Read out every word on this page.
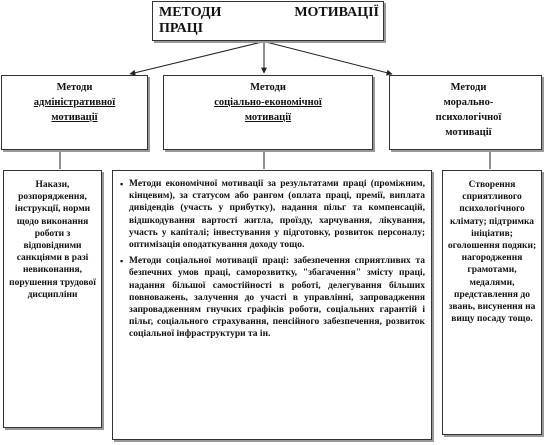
МЕТОДИ	МОТИВАЦІЇ
ПРАЦІ
Методи
адміністративної
мотивації
Методи
соціально-економічної
мотивації
Методи
морально-
психологічної
мотивації
Накази, розпорядження, інструкції, норми щодо виконання роботи з відповідними санкціями в разі невиконання, порушення трудової дисципліни
▪ Методи економічної мотивації за результатами праці (проміжним, кінцевим), за статусом або рангом (оплата праці, премії, виплата дивідендів (участь у прибутку), надання пільг та компенсацій, відшкодування вартості житла, проїзду, харчування, лікування, участь у капіталі; інвестування у підготовку, розвиток персоналу; оптимізація оподаткування доходу тощо.
▪ Методи соціальної мотивації праці: забезпечення сприятливих та безпечних умов праці, саморозвитку, "збагачення" змісту праці, надання більшої самостійності в роботі, делегування більших повноважень, залучення до участі в управлінні, запровадження запровадженням гнучких графіків роботи, соціальних гарантій і пільг, соціального страхування, пенсійного забезпечення, розвиток соціальної інфраструктури та ін.
Створення сприятливого психологічного клімату; підтримка ініціатив; оголошення подяки; нагородження грамотами, медалями, представлення до звань, висунення на вищу посаду тощо.
